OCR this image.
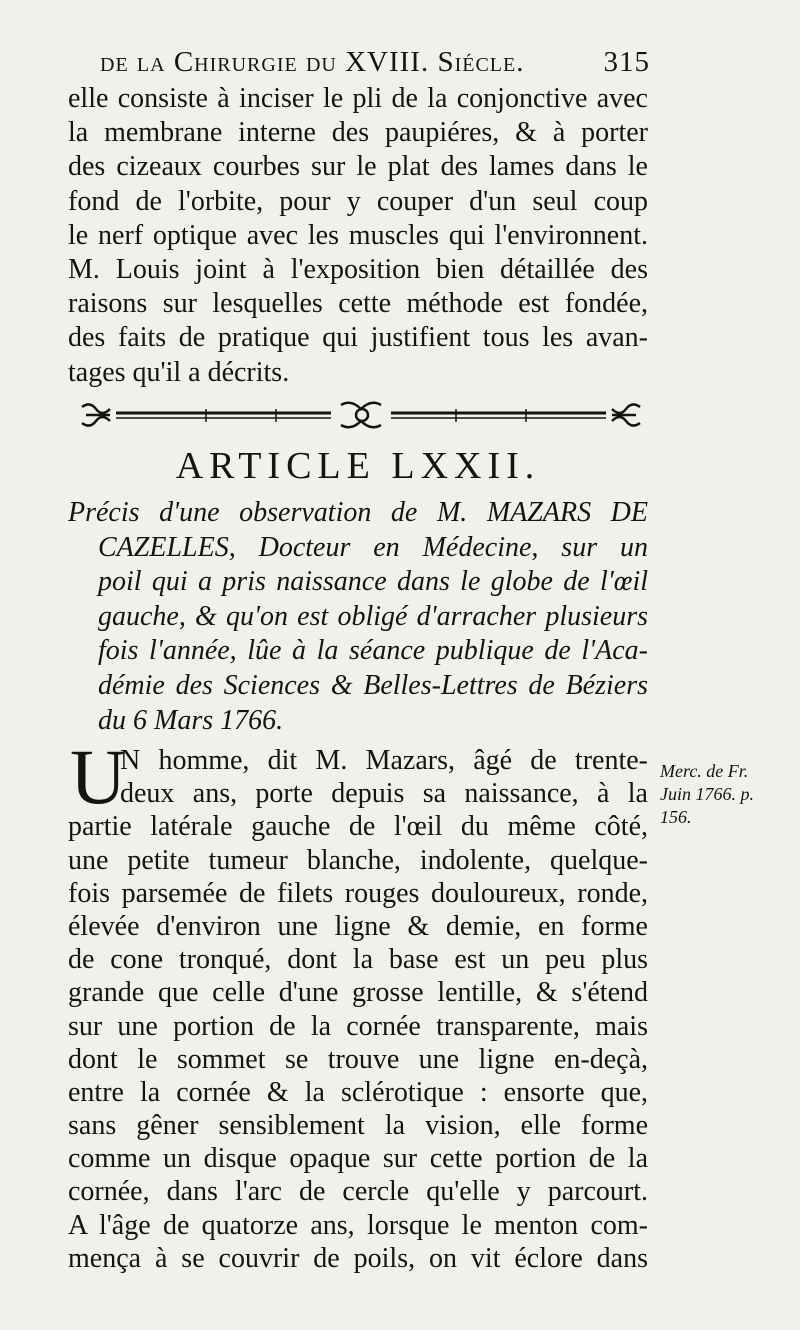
de la Chirurgie du XVIII. Siécle.	315
elle consiste à inciser le pli de la conjonctive avec
la membrane interne des paupiéres, & à porter
des cizeaux courbes sur le plat des lames dans le
fond de l'orbite, pour y couper d'un seul coup
le nerf optique avec les muscles qui l'environnent.
M. Louis joint à l'exposition bien détaillée des
raisons sur lesquelles cette méthode est fondée,
des faits de pratique qui justifient tous les avan-
tages qu'il a décrits.
ARTICLE LXXII.
Précis d'une observation de M. MAZARS DE
CAZELLES, Docteur en Médecine, sur un
poil qui a pris naissance dans le globe de l'œil
gauche, & qu'on est obligé d'arracher plusieurs
fois l'année, lûe à la séance publique de l'Aca-
démie des Sciences & Belles-Lettres de Béziers
du 6 Mars 1766.
U
N homme, dit M. Mazars, âgé de trente-
deux ans, porte depuis sa naissance, à la
partie latérale gauche de l'œil du même côté,
une petite tumeur blanche, indolente, quelque-
fois parsemée de filets rouges douloureux, ronde,
élevée d'environ une ligne & demie, en forme
de cone tronqué, dont la base est un peu plus
grande que celle d'une grosse lentille, & s'étend
sur une portion de la cornée transparente, mais
dont le sommet se trouve une ligne en-deçà,
entre la cornée & la sclérotique : ensorte que,
sans gêner sensiblement la vision, elle forme
comme un disque opaque sur cette portion de la
cornée, dans l'arc de cercle qu'elle y parcourt.
A l'âge de quatorze ans, lorsque le menton com-
mença à se couvrir de poils, on vit éclore dans
Merc. de Fr.
Juin 1766. p.
156.
